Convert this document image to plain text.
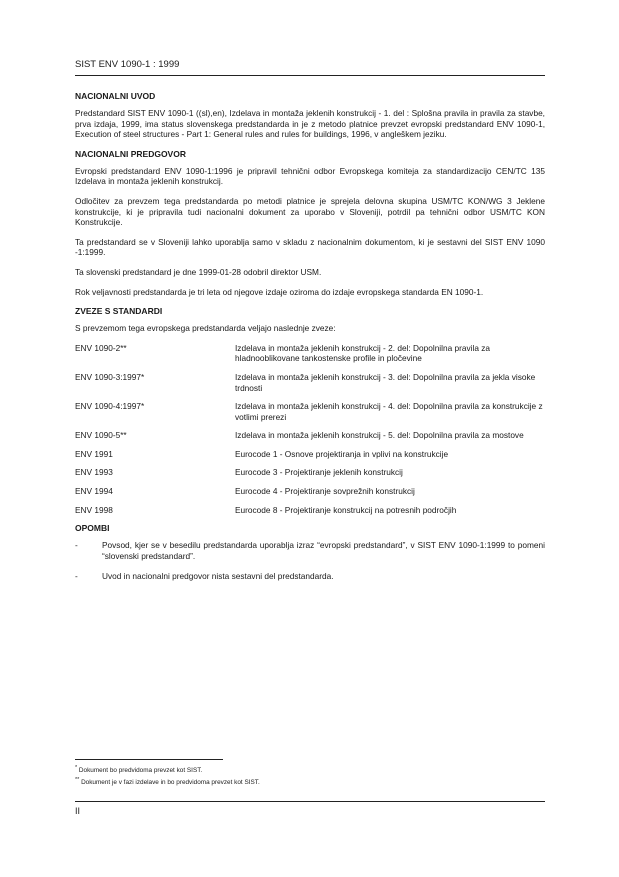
SIST ENV 1090-1 : 1999
NACIONALNI UVOD

Predstandard SIST ENV 1090-1 ((sl),en), Izdelava in montaža jeklenih konstrukcij - 1. del : Splošna pravila in pravila za stavbe, prva izdaja, 1999, ima status slovenskega predstandarda in je z metodo platnice prevzet evropski predstandard ENV 1090-1, Execution of steel structures - Part 1: General rules and rules for buildings, 1996, v angleškem jeziku.

NACIONALNI PREDGOVOR

Evropski predstandard ENV 1090-1:1996 je pripravil tehnični odbor Evropskega komiteja za standardizacijo CEN/TC 135 Izdelava in montaža jeklenih konstrukcij.

Odločitev za prevzem tega predstandarda po metodi platnice je sprejela delovna skupina USM/TC KON/WG 3 Jeklene konstrukcije, ki je pripravila tudi nacionalni dokument za uporabo v Sloveniji, potrdil pa tehnični odbor USM/TC KON Konstrukcije.

Ta predstandard se v Sloveniji lahko uporablja samo v skladu z nacionalnim dokumentom, ki je sestavni del SIST ENV 1090 -1:1999.

Ta slovenski predstandard je dne 1999-01-28 odobril direktor USM.

Rok veljavnosti predstandarda je tri leta od njegove izdaje oziroma do izdaje evropskega standarda EN 1090-1.

ZVEZE S STANDARDI

S prevzemom tega evropskega predstandarda veljajo naslednje zveze:

ENV 1090-2**	Izdelava in montaža jeklenih konstrukcij - 2. del: Dopolnilna pravila za hladnooblikovane tankostenske profile in pločevine
ENV 1090-3:1997*	Izdelava in montaža jeklenih konstrukcij - 3. del: Dopolnilna pravila za jekla visoke trdnosti
ENV 1090-4:1997*	Izdelava in montaža jeklenih konstrukcij - 4. del: Dopolnilna pravila za konstrukcije z votlimi prerezi
ENV 1090-5**	Izdelava in montaža jeklenih konstrukcij - 5. del: Dopolnilna pravila za mostove
ENV 1991	Eurocode 1 - Osnove projektiranja in vplivi na konstrukcije
ENV 1993	Eurocode 3 - Projektiranje jeklenih konstrukcij
ENV 1994	Eurocode 4 - Projektiranje sovprežnih konstrukcij
ENV 1998	Eurocode 8 - Projektiranje konstrukcij na potresnih področjih
OPOMBI
-	Povsod, kjer se v besedilu predstandarda uporablja izraz “evropski predstandard”, v SIST ENV 1090-1:1999 to pomeni “slovenski predstandard”.
-	Uvod in nacionalni predgovor nista sestavni del predstandarda.
* Dokument bo predvidoma prevzet kot SIST.
** Dokument je v fazi izdelave in bo predvidoma prevzet kot SIST.
II
